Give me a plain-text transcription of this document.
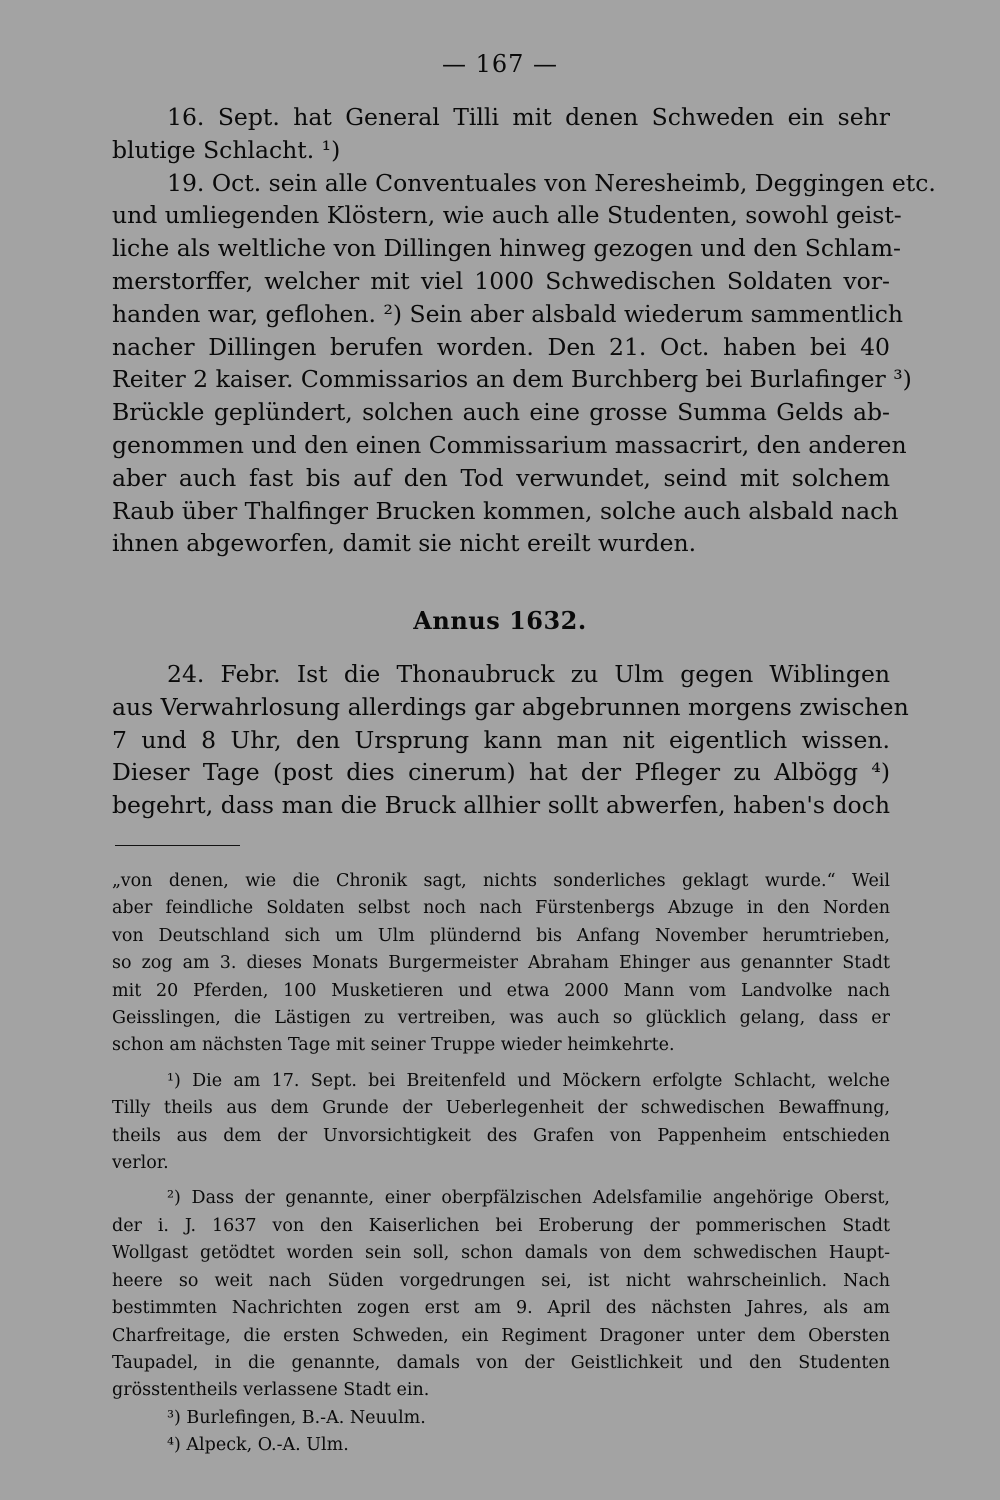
— 167 —
16. Sept. hat General Tilli mit denen Schweden ein sehr
blutige Schlacht. ¹)
19. Oct. sein alle Conventuales von Neresheimb, Deggingen etc.
und umliegenden Klöstern, wie auch alle Studenten, sowohl geist-
liche als weltliche von Dillingen hinweg gezogen und den Schlam-
merstorffer, welcher mit viel 1000 Schwedischen Soldaten vor-
handen war, geflohen. ²) Sein aber alsbald wiederum sammentlich
nacher Dillingen berufen worden. Den 21. Oct. haben bei 40
Reiter 2 kaiser. Commissarios an dem Burchberg bei Burlafinger ³)
Brückle geplündert, solchen auch eine grosse Summa Gelds ab-
genommen und den einen Commissarium massacrirt, den anderen
aber auch fast bis auf den Tod verwundet, seind mit solchem
Raub über Thalfinger Brucken kommen, solche auch alsbald nach
ihnen abgeworfen, damit sie nicht ereilt wurden.
Annus 1632.
24. Febr. Ist die Thonaubruck zu Ulm gegen Wiblingen
aus Verwahrlosung allerdings gar abgebrunnen morgens zwischen
7 und 8 Uhr, den Ursprung kann man nit eigentlich wissen.
Dieser Tage (post dies cinerum) hat der Pfleger zu Albögg ⁴)
begehrt, dass man die Bruck allhier sollt abwerfen, haben's doch
„von denen, wie die Chronik sagt, nichts sonderliches geklagt wurde.“ Weil
aber feindliche Soldaten selbst noch nach Fürstenbergs Abzuge in den Norden
von Deutschland sich um Ulm plündernd bis Anfang November herumtrieben,
so zog am 3. dieses Monats Burgermeister Abraham Ehinger aus genannter Stadt
mit 20 Pferden, 100 Musketieren und etwa 2000 Mann vom Landvolke nach
Geisslingen, die Lästigen zu vertreiben, was auch so glücklich gelang, dass er
schon am nächsten Tage mit seiner Truppe wieder heimkehrte.
¹) Die am 17. Sept. bei Breitenfeld und Möckern erfolgte Schlacht, welche
Tilly theils aus dem Grunde der Ueberlegenheit der schwedischen Bewaffnung,
theils aus dem der Unvorsichtigkeit des Grafen von Pappenheim entschieden
verlor.
²) Dass der genannte, einer oberpfälzischen Adelsfamilie angehörige Oberst,
der i. J. 1637 von den Kaiserlichen bei Eroberung der pommerischen Stadt
Wollgast getödtet worden sein soll, schon damals von dem schwedischen Haupt-
heere so weit nach Süden vorgedrungen sei, ist nicht wahrscheinlich. Nach
bestimmten Nachrichten zogen erst am 9. April des nächsten Jahres, als am
Charfreitage, die ersten Schweden, ein Regiment Dragoner unter dem Obersten
Taupadel, in die genannte, damals von der Geistlichkeit und den Studenten
grösstentheils verlassene Stadt ein.
³) Burlefingen, B.-A. Neuulm.
⁴) Alpeck, O.-A. Ulm.
